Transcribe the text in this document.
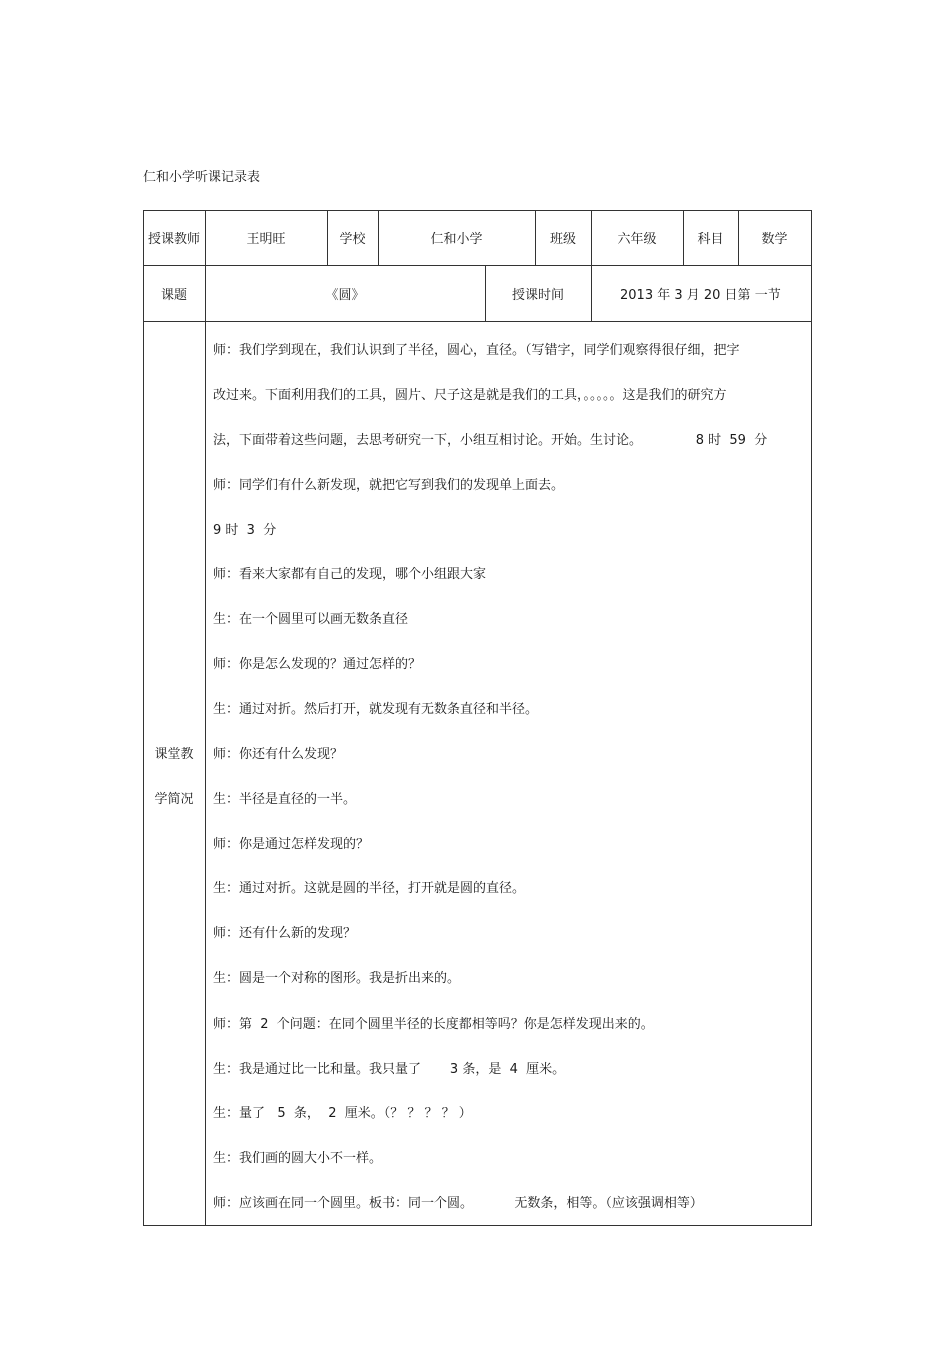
仁和小学听课记录表
授课教师	王明旺	学校	仁和小学	班级	六年级	科目	数学
课题	《圆》	授课时间	2013 年 3 月 20 日第 一节
课堂教
学简况
师：我们学到现在，我们认识到了半径，圆心，直径。（写错字，同学们观察得很仔细，把字
改过来。下面利用我们的工具，圆片、尺子这是就是我们的工具，。。。。。这是我们的研究方
法，下面带着这些问题，去思考研究一下，小组互相讨论。开始。生讨论。             8 时  59  分
师：同学们有什么新发现，就把它写到我们的发现单上面去。
9 时  3  分
师：看来大家都有自己的发现，哪个小组跟大家
生：在一个圆里可以画无数条直径
师：你是怎么发现的？通过怎样的？
生：通过对折。然后打开，就发现有无数条直径和半径。
师：你还有什么发现？
生：半径是直径的一半。
师：你是通过怎样发现的？
生：通过对折。这就是圆的半径，打开就是圆的直径。
师：还有什么新的发现？
生：圆是一个对称的图形。我是折出来的。
师：第  2  个问题：在同个圆里半径的长度都相等吗？你是怎样发现出来的。
生：我是通过比一比和量。我只量了       3 条，是  4  厘米。
生：量了   5  条，  2  厘米。（？ ？ ？ ？ ）
生：我们画的圆大小不一样。
师：应该画在同一个圆里。板书：同一个圆。          无数条，相等。（应该强调相等）
